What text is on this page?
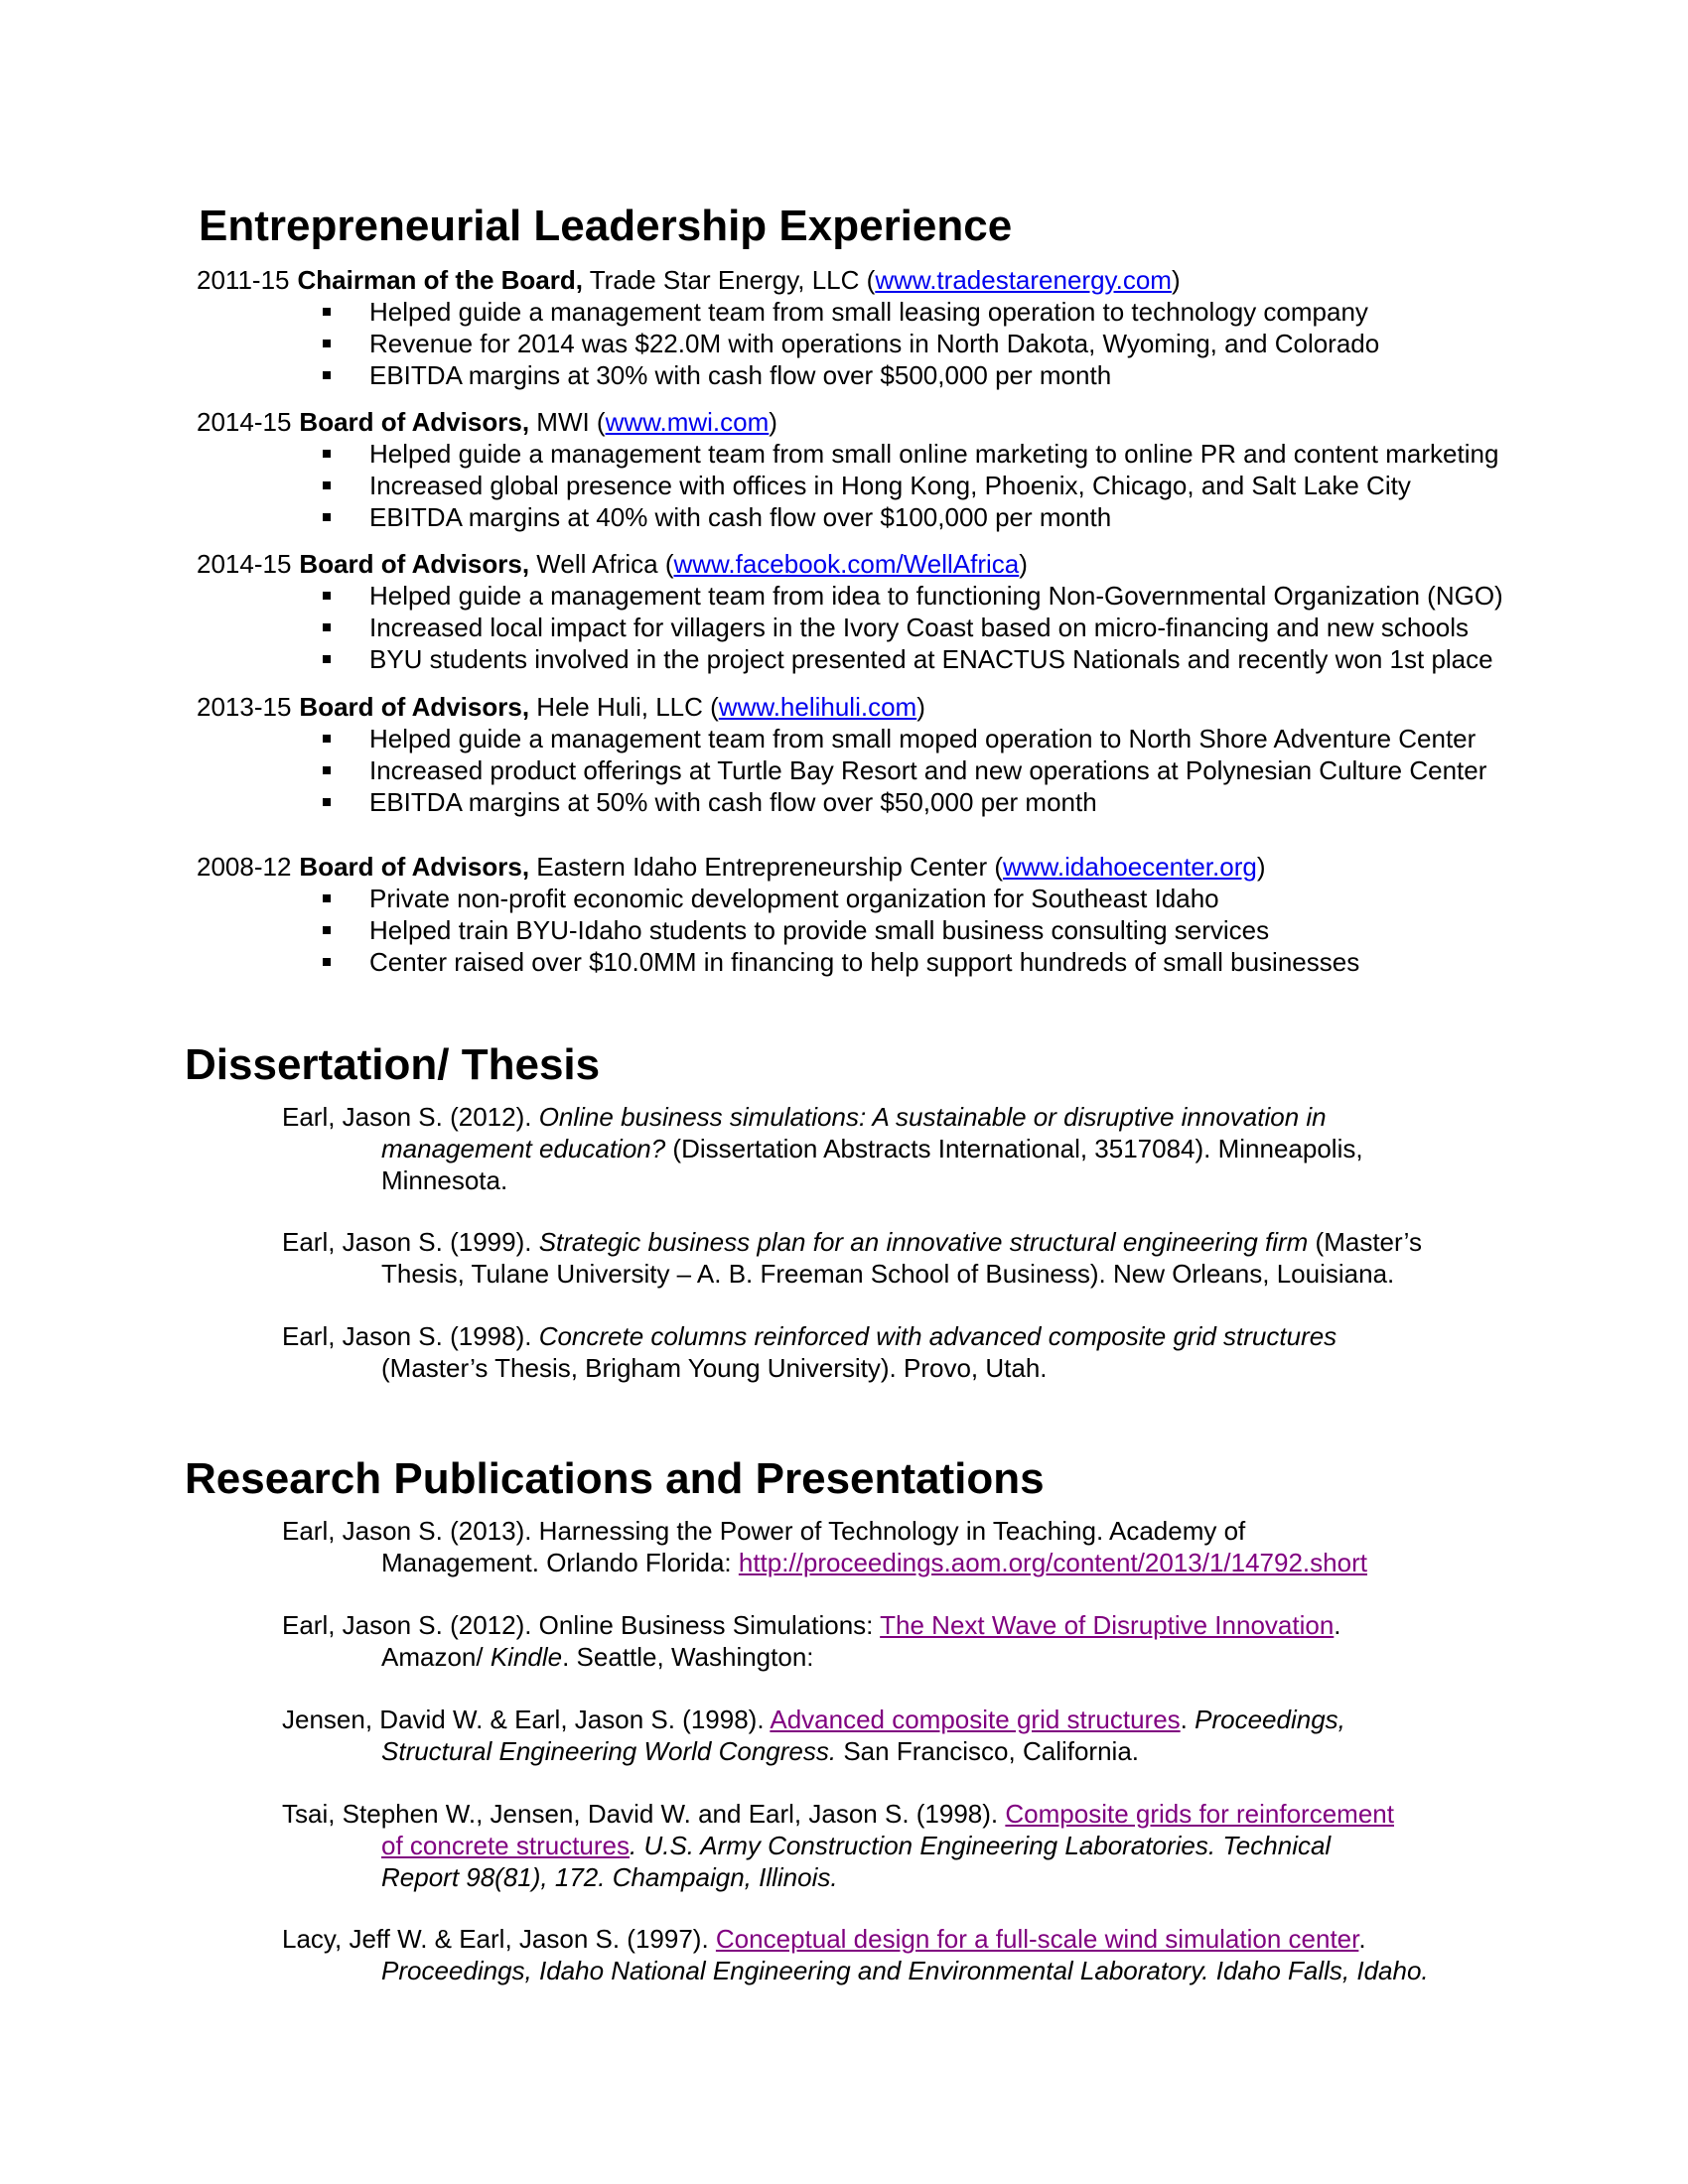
Entrepreneurial Leadership Experience
2011-15 Chairman of the Board, Trade Star Energy, LLC (www.tradestarenergy.com)
Helped guide a management team from small leasing operation to technology company
Revenue for 2014 was $22.0M with operations in North Dakota, Wyoming, and Colorado
EBITDA margins at 30% with cash flow over $500,000 per month
2014-15 Board of Advisors, MWI (www.mwi.com)
Helped guide a management team from small online marketing to online PR and content marketing
Increased global presence with offices in Hong Kong, Phoenix, Chicago, and Salt Lake City
EBITDA margins at 40% with cash flow over $100,000 per month
2014-15 Board of Advisors, Well Africa (www.facebook.com/WellAfrica)
Helped guide a management team from idea to functioning Non-Governmental Organization (NGO)
Increased local impact for villagers in the Ivory Coast based on micro-financing and new schools
BYU students involved in the project presented at ENACTUS Nationals and recently won 1st place
2013-15 Board of Advisors, Hele Huli, LLC (www.helihuli.com)
Helped guide a management team from small moped operation to North Shore Adventure Center
Increased product offerings at Turtle Bay Resort and new operations at Polynesian Culture Center
EBITDA margins at 50% with cash flow over $50,000 per month
2008-12 Board of Advisors, Eastern Idaho Entrepreneurship Center (www.idahoecenter.org)
Private non-profit economic development organization for Southeast Idaho
Helped train BYU-Idaho students to provide small business consulting services
Center raised over $10.0MM in financing to help support hundreds of small businesses
Dissertation/ Thesis
Earl, Jason S. (2012). Online business simulations: A sustainable or disruptive innovation in
management education? (Dissertation Abstracts International, 3517084). Minneapolis,
Minnesota.
Earl, Jason S. (1999). Strategic business plan for an innovative structural engineering firm (Master’s
Thesis, Tulane University – A. B. Freeman School of Business). New Orleans, Louisiana.
Earl, Jason S. (1998). Concrete columns reinforced with advanced composite grid structures
(Master’s Thesis, Brigham Young University). Provo, Utah.
Research Publications and Presentations
Earl, Jason S. (2013). Harnessing the Power of Technology in Teaching. Academy of
Management. Orlando Florida: http://proceedings.aom.org/content/2013/1/14792.short
Earl, Jason S. (2012). Online Business Simulations: The Next Wave of Disruptive Innovation.
Amazon/ Kindle. Seattle, Washington:
Jensen, David W. & Earl, Jason S. (1998). Advanced composite grid structures. Proceedings,
Structural Engineering World Congress. San Francisco, California.
Tsai, Stephen W., Jensen, David W. and Earl, Jason S. (1998). Composite grids for reinforcement
of concrete structures. U.S. Army Construction Engineering Laboratories. Technical
Report 98(81), 172. Champaign, Illinois.
Lacy, Jeff W. & Earl, Jason S. (1997). Conceptual design for a full-scale wind simulation center.
Proceedings, Idaho National Engineering and Environmental Laboratory. Idaho Falls, Idaho.
